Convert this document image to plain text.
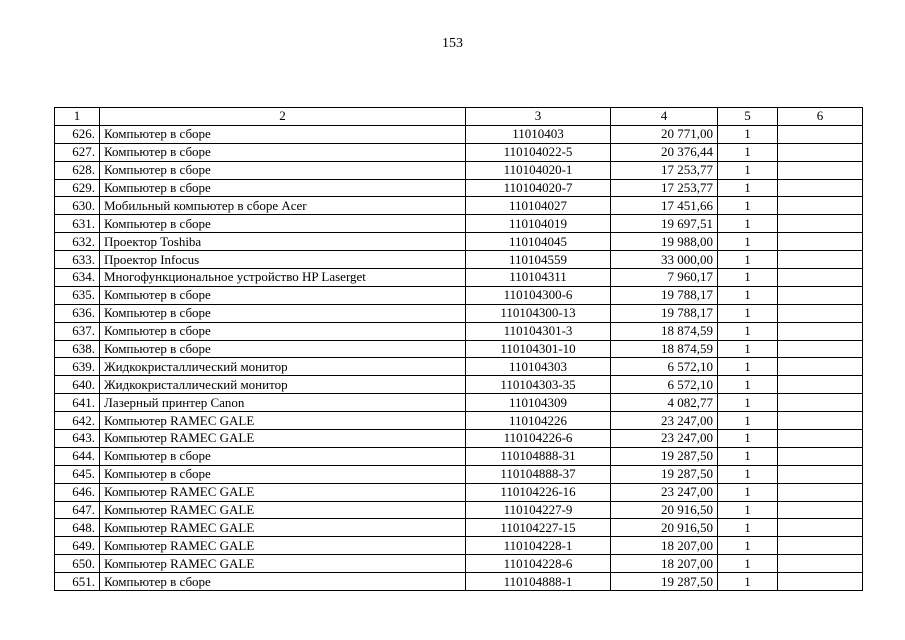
153
1	2	3	4	5	6
626.	Компьютер в сборе	11010403	20 771,00	1	
627.	Компьютер в сборе	110104022-5	20 376,44	1	
628.	Компьютер в сборе	110104020-1	17 253,77	1	
629.	Компьютер в сборе	110104020-7	17 253,77	1	
630.	Мобильный компьютер в сборе Acer	110104027	17 451,66	1	
631.	Компьютер в сборе	110104019	19 697,51	1	
632.	Проектор Toshiba	110104045	19 988,00	1	
633.	Проектор Infocus	110104559	33 000,00	1	
634.	Многофункциональное устройство HP Laserget	110104311	7 960,17	1	
635.	Компьютер в сборе	110104300-6	19 788,17	1	
636.	Компьютер в сборе	110104300-13	19 788,17	1	
637.	Компьютер в сборе	110104301-3	18 874,59	1	
638.	Компьютер в сборе	110104301-10	18 874,59	1	
639.	Жидкокристаллический монитор	110104303	6 572,10	1	
640.	Жидкокристаллический монитор	110104303-35	6 572,10	1	
641.	Лазерный принтер Canon	110104309	4 082,77	1	
642.	Компьютер RAMEC GALE	110104226	23 247,00	1	
643.	Компьютер RAMEC GALE	110104226-6	23 247,00	1	
644.	Компьютер в сборе	110104888-31	19 287,50	1	
645.	Компьютер в сборе	110104888-37	19 287,50	1	
646.	Компьютер RAMEC GALE	110104226-16	23 247,00	1	
647.	Компьютер RAMEC GALE	110104227-9	20 916,50	1	
648.	Компьютер RAMEC GALE	110104227-15	20 916,50	1	
649.	Компьютер RAMEC GALE	110104228-1	18 207,00	1	
650.	Компьютер RAMEC GALE	110104228-6	18 207,00	1	
651.	Компьютер в сборе	110104888-1	19 287,50	1	
